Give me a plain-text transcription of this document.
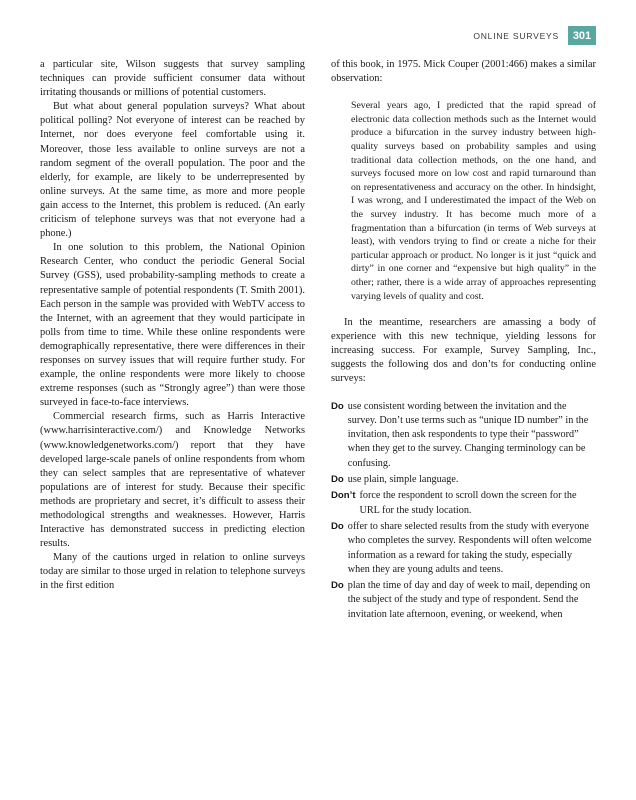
ONLINE SURVEYS	301

a particular site, Wilson suggests that survey sampling techniques can provide sufficient consumer data without irritating thousands or millions of potential customers.

But what about general population surveys? What about political polling? Not everyone of interest can be reached by Internet, nor does everyone feel comfortable using it. Moreover, those less available to online surveys are not a random segment of the overall population. The poor and the elderly, for example, are likely to be underrepresented by online surveys. At the same time, as more and more people gain access to the Internet, this problem is reduced. (An early criticism of telephone surveys was that not everyone had a phone.)

In one solution to this problem, the National Opinion Research Center, who conduct the periodic General Social Survey (GSS), used probability-sampling methods to create a representative sample of potential respondents (T. Smith 2001). Each person in the sample was provided with WebTV access to the Internet, with an agreement that they would participate in polls from time to time. While these online respondents were demographically representative, there were differences in their responses on survey issues that will require further study. For example, the online respondents were more likely to choose extreme responses (such as “Strongly agree”) than were those surveyed in face-to-face interviews.

Commercial research firms, such as Harris Interactive (www.harrisinteractive.com/) and Knowledge Networks (www.knowledgenetworks.com/) report that they have developed large-scale panels of online respondents from whom they can select samples that are representative of whatever populations are of interest for study. Because their specific methods are proprietary and secret, it’s difficult to assess their methodological strengths and weaknesses. However, Harris Interactive has demonstrated success in predicting election results.

Many of the cautions urged in relation to online surveys today are similar to those urged in relation to telephone surveys in the first edition

of this book, in 1975. Mick Couper (2001:466) makes a similar observation:

Several years ago, I predicted that the rapid spread of electronic data collection methods such as the Internet would produce a bifurcation in the survey industry between high-quality surveys based on probability samples and using traditional data collection methods, on the one hand, and surveys focused more on low cost and rapid turnaround than on representativeness and accuracy on the other. In hindsight, I was wrong, and I underestimated the impact of the Web on the survey industry. It has become much more of a fragmentation than a bifurcation (in terms of Web surveys at least), with vendors trying to find or create a niche for their particular approach or product. No longer is it just “quick and dirty” in one corner and “expensive but high quality” in the other; rather, there is a wide array of approaches representing varying levels of quality and cost.

In the meantime, researchers are amassing a body of experience with this new technique, yielding lessons for increasing success. For example, Survey Sampling, Inc., suggests the following dos and don’ts for conducting online surveys:

Do use consistent wording between the invitation and the survey. Don’t use terms such as “unique ID number” in the invitation, then ask respondents to type their “password” when they get to the survey. Changing terminology can be confusing.
Do use plain, simple language.
Don’t force the respondent to scroll down the screen for the URL for the study location.
Do offer to share selected results from the study with everyone who completes the survey. Respondents will often welcome information as a reward for taking the study, especially when they are young adults and teens.
Do plan the time of day and day of week to mail, depending on the subject of the study and type of respondent. Send the invitation late afternoon, evening, or weekend, when
